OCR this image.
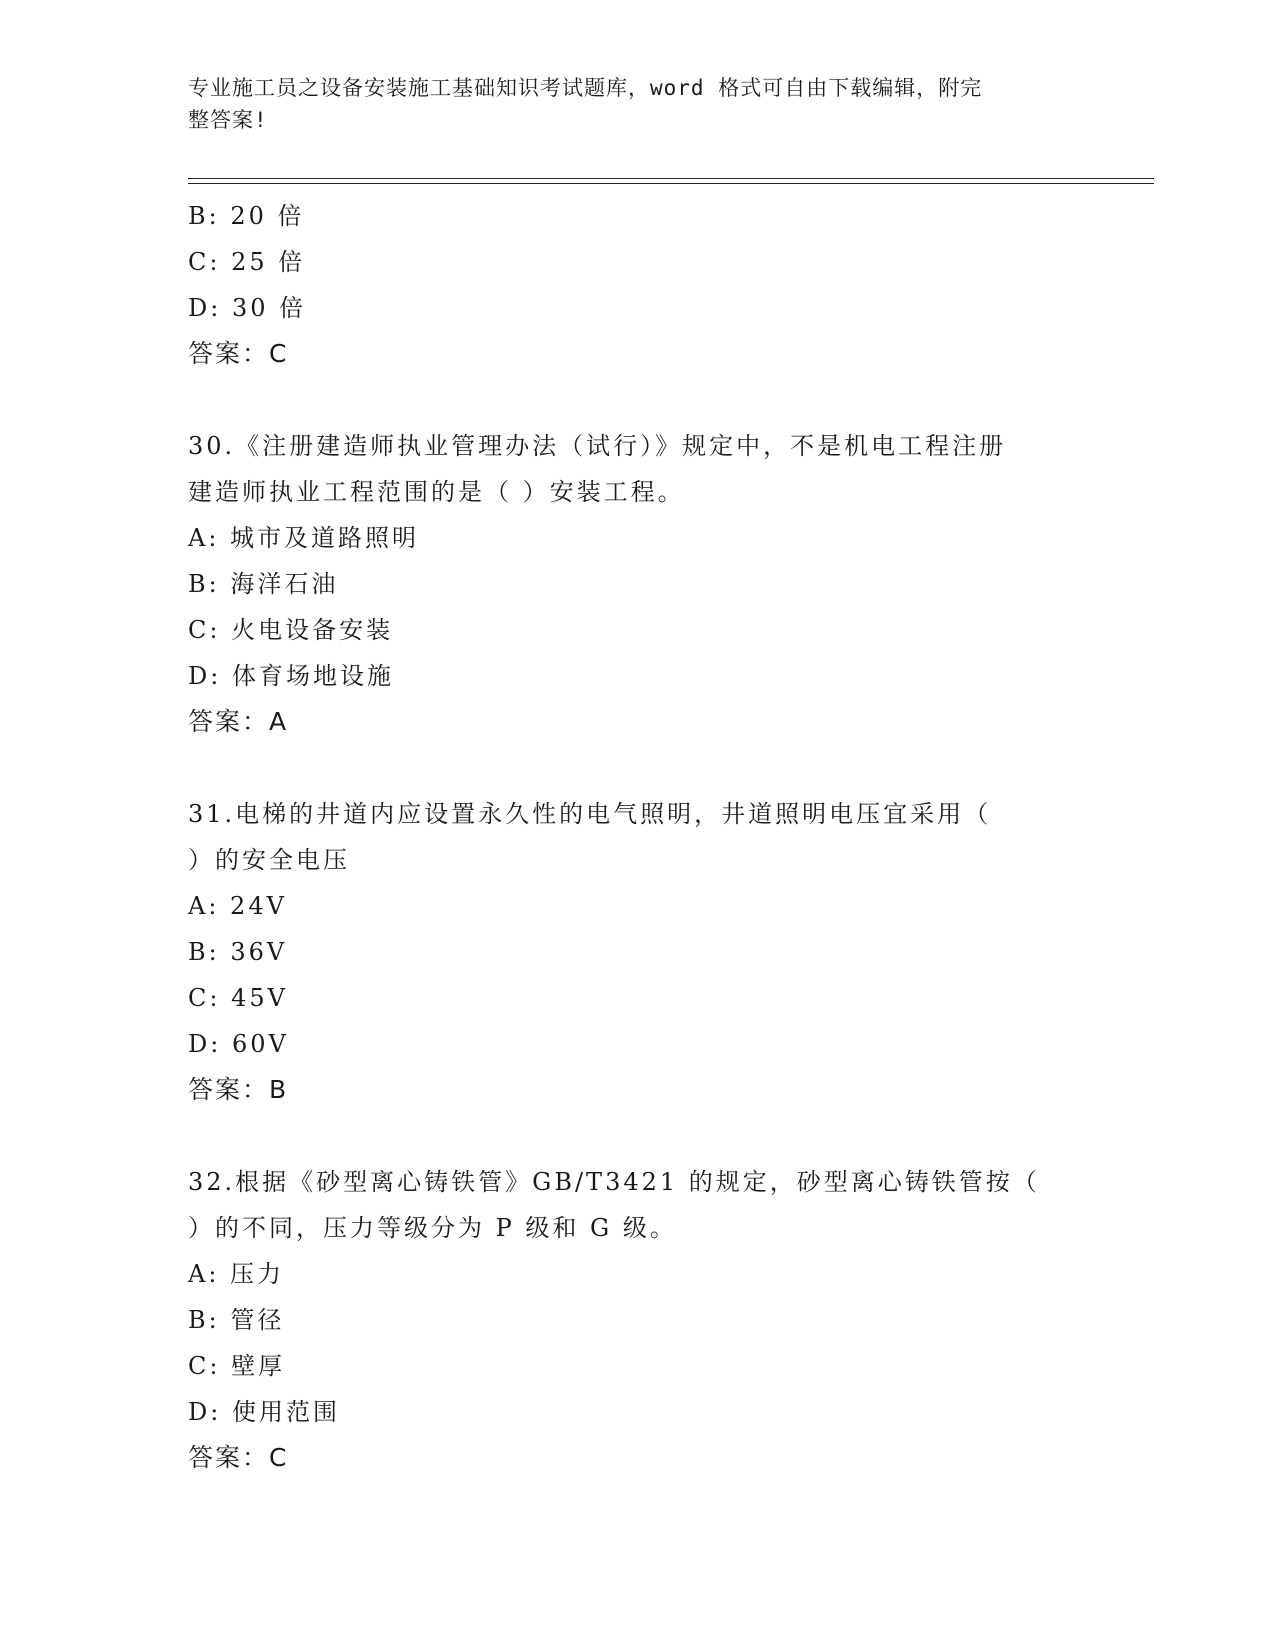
专业施工员之设备安装施工基础知识考试题库，word 格式可自由下载编辑，附完
整答案!
B: 20 倍
C: 25 倍
D: 30 倍
答案：C
30.《注册建造师执业管理办法（试行）》规定中，不是机电工程注册
建造师执业工程范围的是（ ）安装工程。
A: 城市及道路照明
B: 海洋石油
C: 火电设备安装
D: 体育场地设施
答案：A
31.电梯的井道内应设置永久性的电气照明，井道照明电压宜采用（
）的安全电压
A: 24V
B: 36V
C: 45V
D: 60V
答案：B
32.根据《砂型离心铸铁管》GB/T3421 的规定，砂型离心铸铁管按（
）的不同，压力等级分为 P 级和 G 级。
A: 压力
B: 管径
C: 壁厚
D: 使用范围
答案：C
